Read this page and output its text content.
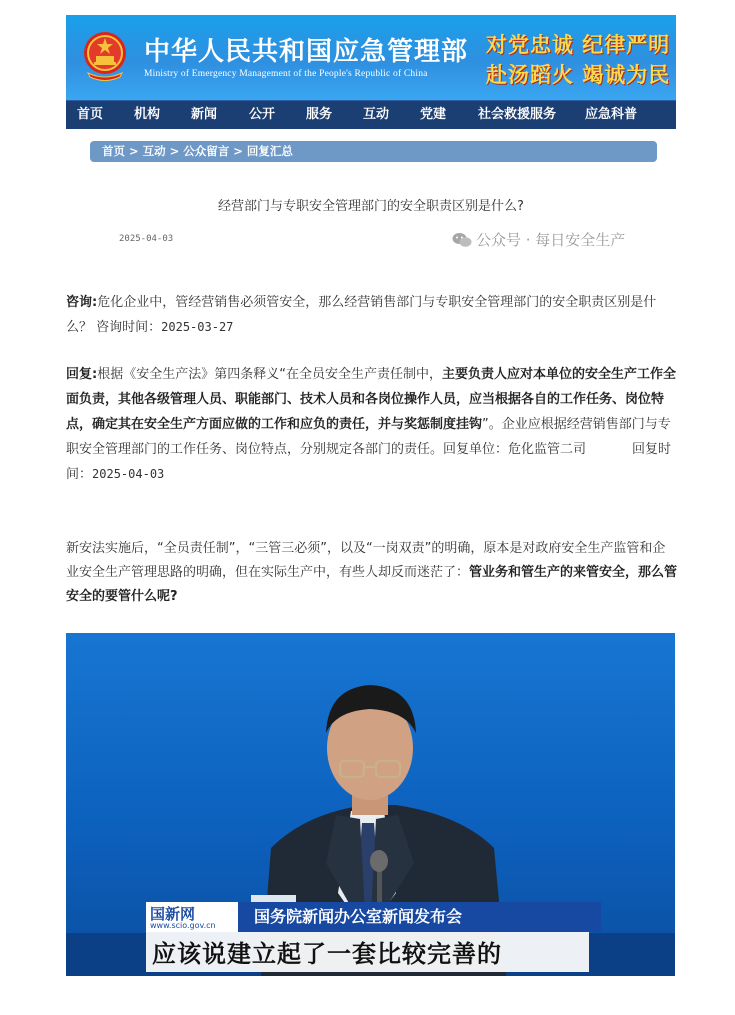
中华人民共和国应急管理部
Ministry of Emergency Management of the People's Republic of China
对党忠诚 纪律严明
赴汤蹈火 竭诚为民
首页 机构 新闻 公开 服务 互动 党建 社会救援服务 应急科普
首页 > 互动 > 公众留言 > 回复汇总
经营部门与专职安全管理部门的安全职责区别是什么?
2025-04-03	公众号 · 每日安全生产
咨询:危化企业中，管经营销售必须管安全，那么经营销售部门与专职安全管理部门的安全职责区别是什么？ 咨询时间：2025-03-27
回复:根据《安全生产法》第四条释义“在全员安全生产责任制中，主要负责人应对本单位的安全生产工作全面负责，其他各级管理人员、职能部门、技术人员和各岗位操作人员，应当根据各自的工作任务、岗位特点，确定其在安全生产方面应做的工作和应负的责任，并与奖惩制度挂钩”。企业应根据经营销售部门与专职安全管理部门的工作任务、岗位特点，分别规定各部门的责任。回复单位：危化监管二司	回复时间：2025-04-03
新安法实施后，“全员责任制”，“三管三必须”，以及“一岗双责”的明确，原本是对政府安全生产监管和企业安全生产管理思路的明确，但在实际生产中，有些人却反而迷茫了：管业务和管生产的来管安全，那么管安全的要管什么呢?
国新网
www.scio.gov.cn 国务院新闻办公室新闻发布会
应该说建立起了一套比较完善的
